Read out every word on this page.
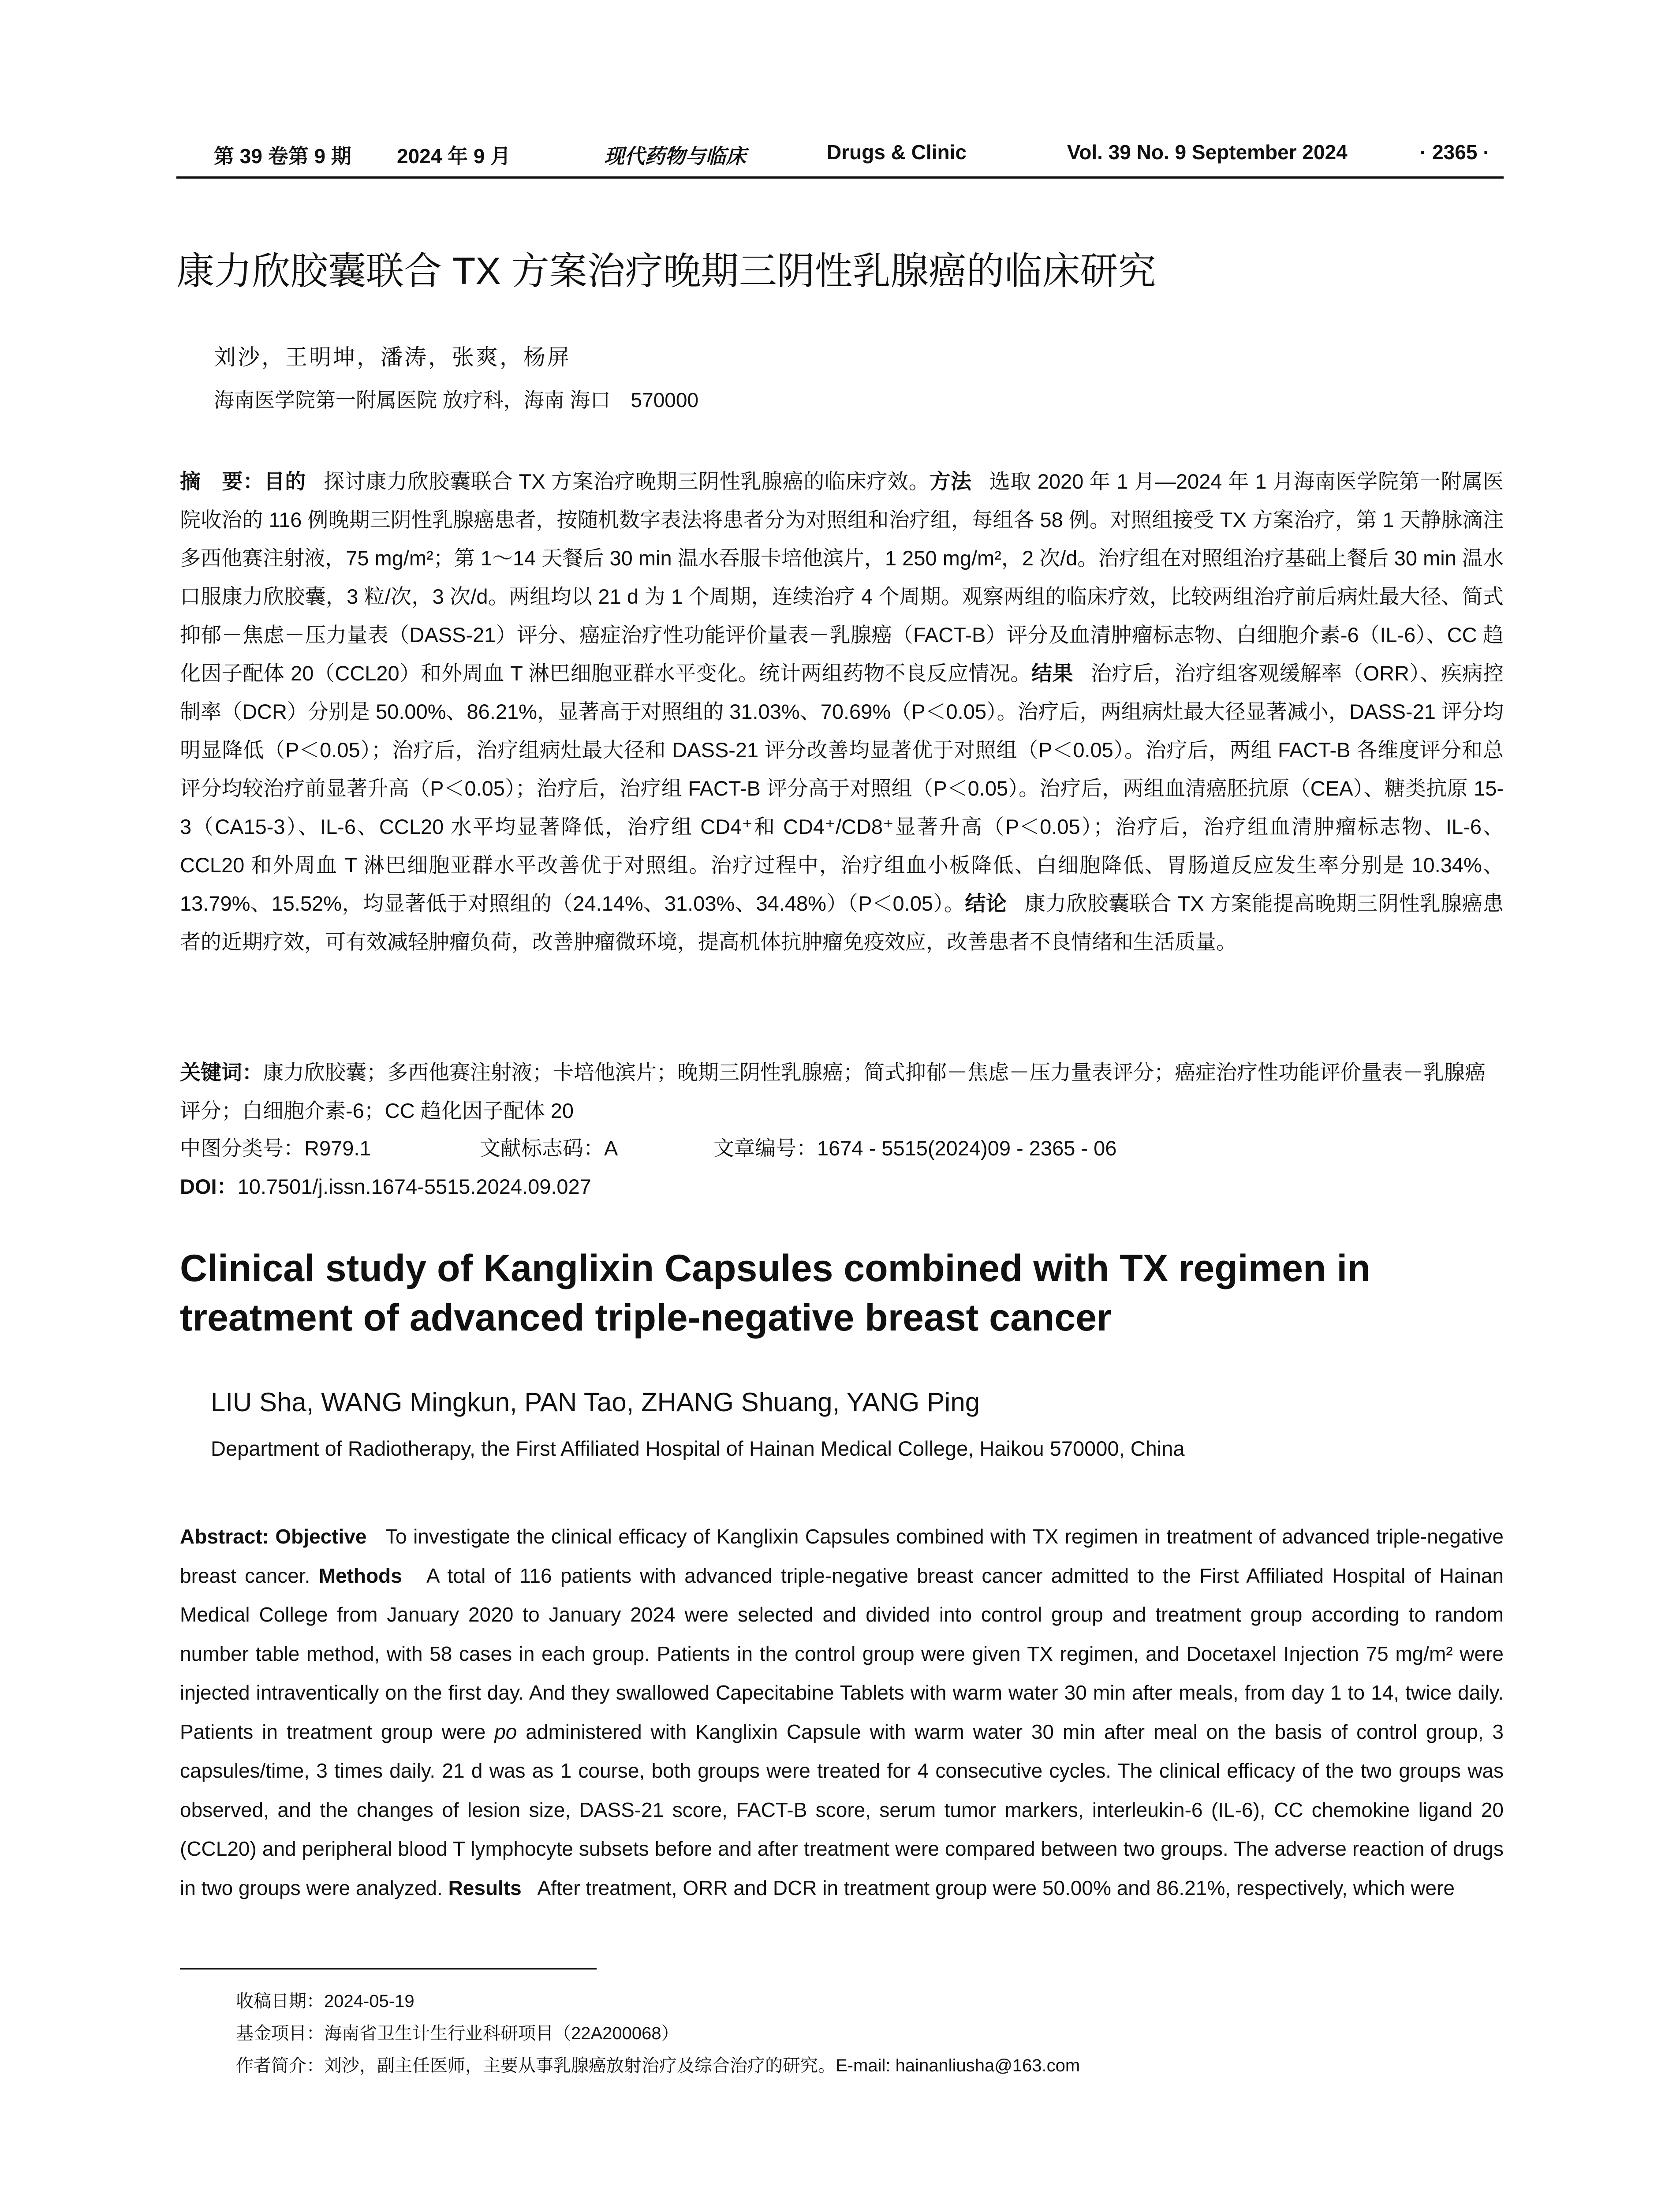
第 39 卷第 9 期 2024 年 9 月	现代药物与临床	Drugs & Clinic	Vol. 39 No. 9 September 2024	· 2365 ·
康力欣胶囊联合 TX 方案治疗晚期三阴性乳腺癌的临床研究
刘沙，王明坤，潘涛，张爽，杨屏
海南医学院第一附属医院 放疗科，海南 海口　570000
摘　要：目的 探讨康力欣胶囊联合 TX 方案治疗晚期三阴性乳腺癌的临床疗效。方法 选取 2020 年 1 月—2024 年 1 月海南医学院第一附属医院收治的 116 例晚期三阴性乳腺癌患者，按随机数字表法将患者分为对照组和治疗组，每组各 58 例。对照组接受 TX 方案治疗，第 1 天静脉滴注多西他赛注射液，75 mg/m²；第 1～14 天餐后 30 min 温水吞服卡培他滨片，1 250 mg/m²，2 次/d。治疗组在对照组治疗基础上餐后 30 min 温水口服康力欣胶囊，3 粒/次，3 次/d。两组均以 21 d 为 1 个周期，连续治疗 4 个周期。观察两组的临床疗效，比较两组治疗前后病灶最大径、简式抑郁－焦虑－压力量表（DASS-21）评分、癌症治疗性功能评价量表－乳腺癌（FACT-B）评分及血清肿瘤标志物、白细胞介素-6（IL-6）、CC 趋化因子配体 20（CCL20）和外周血 T 淋巴细胞亚群水平变化。统计两组药物不良反应情况。结果 治疗后，治疗组客观缓解率（ORR）、疾病控制率（DCR）分别是 50.00%、86.21%，显著高于对照组的 31.03%、70.69%（P＜0.05）。治疗后，两组病灶最大径显著减小，DASS-21 评分均明显降低（P＜0.05）；治疗后，治疗组病灶最大径和 DASS-21 评分改善均显著优于对照组（P＜0.05）。治疗后，两组 FACT-B 各维度评分和总评分均较治疗前显著升高（P＜0.05）；治疗后，治疗组 FACT-B 评分高于对照组（P＜0.05）。治疗后，两组血清癌胚抗原（CEA）、糖类抗原 15-3（CA15-3）、IL-6、CCL20 水平均显著降低，治疗组 CD4⁺和 CD4⁺/CD8⁺显著升高（P＜0.05）；治疗后，治疗组血清肿瘤标志物、IL-6、CCL20 和外周血 T 淋巴细胞亚群水平改善优于对照组。治疗过程中，治疗组血小板降低、白细胞降低、胃肠道反应发生率分别是 10.34%、13.79%、15.52%，均显著低于对照组的（24.14%、31.03%、34.48%）（P＜0.05）。结论 康力欣胶囊联合 TX 方案能提高晚期三阴性乳腺癌患者的近期疗效，可有效减轻肿瘤负荷，改善肿瘤微环境，提高机体抗肿瘤免疫效应，改善患者不良情绪和生活质量。
关键词：康力欣胶囊；多西他赛注射液；卡培他滨片；晚期三阴性乳腺癌；简式抑郁－焦虑－压力量表评分；癌症治疗性功能评价量表－乳腺癌评分；白细胞介素-6；CC 趋化因子配体 20
中图分类号：R979.1	文献标志码：A	文章编号：1674 - 5515(2024)09 - 2365 - 06
DOI：10.7501/j.issn.1674-5515.2024.09.027
Clinical study of Kanglixin Capsules combined with TX regimen in treatment of advanced triple-negative breast cancer
LIU Sha, WANG Mingkun, PAN Tao, ZHANG Shuang, YANG Ping
Department of Radiotherapy, the First Affiliated Hospital of Hainan Medical College, Haikou 570000, China
Abstract: Objective To investigate the clinical efficacy of Kanglixin Capsules combined with TX regimen in treatment of advanced triple-negative breast cancer. Methods A total of 116 patients with advanced triple-negative breast cancer admitted to the First Affiliated Hospital of Hainan Medical College from January 2020 to January 2024 were selected and divided into control group and treatment group according to random number table method, with 58 cases in each group. Patients in the control group were given TX regimen, and Docetaxel Injection 75 mg/m² were injected intraventically on the first day. And they swallowed Capecitabine Tablets with warm water 30 min after meals, from day 1 to 14, twice daily. Patients in treatment group were po administered with Kanglixin Capsule with warm water 30 min after meal on the basis of control group, 3 capsules/time, 3 times daily. 21 d was as 1 course, both groups were treated for 4 consecutive cycles. The clinical efficacy of the two groups was observed, and the changes of lesion size, DASS-21 score, FACT-B score, serum tumor markers, interleukin-6 (IL-6), CC chemokine ligand 20 (CCL20) and peripheral blood T lymphocyte subsets before and after treatment were compared between two groups. The adverse reaction of drugs in two groups were analyzed. Results After treatment, ORR and DCR in treatment group were 50.00% and 86.21%, respectively, which were
收稿日期：2024-05-19
基金项目：海南省卫生计生行业科研项目（22A200068）
作者简介：刘沙，副主任医师，主要从事乳腺癌放射治疗及综合治疗的研究。E-mail: hainanliusha@163.com
